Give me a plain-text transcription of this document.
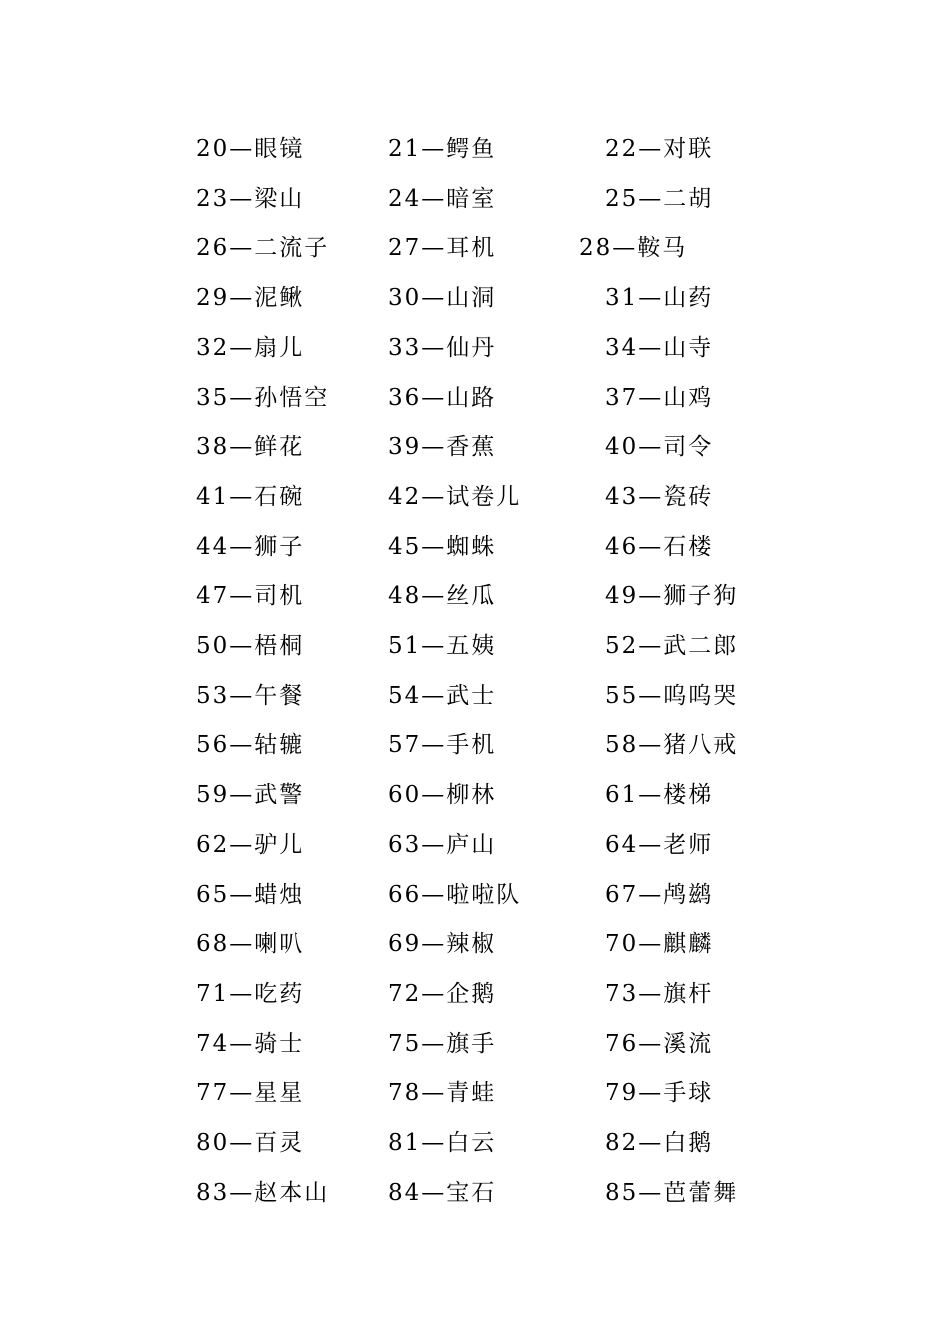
20—眼镜	21—鳄鱼	22—对联
23—梁山	24—暗室	25—二胡
26—二流子	27—耳机	28—鞍马
29—泥鳅	30—山洞	31—山药
32—扇儿	33—仙丹	34—山寺
35—孙悟空	36—山路	37—山鸡
38—鲜花	39—香蕉	40—司令
41—石碗	42—试卷儿	43—瓷砖
44—狮子	45—蜘蛛	46—石楼
47—司机	48—丝瓜	49—狮子狗
50—梧桐	51—五姨	52—武二郎
53—午餐	54—武士	55—呜呜哭
56—轱辘	57—手机	58—猪八戒
59—武警	60—柳林	61—楼梯
62—驴儿	63—庐山	64—老师
65—蜡烛	66—啦啦队	67—鸬鹚
68—喇叭	69—辣椒	70—麒麟
71—吃药	72—企鹅	73—旗杆
74—骑士	75—旗手	76—溪流
77—星星	78—青蛙	79—手球
80—百灵	81—白云	82—白鹅
83—赵本山	84—宝石	85—芭蕾舞
